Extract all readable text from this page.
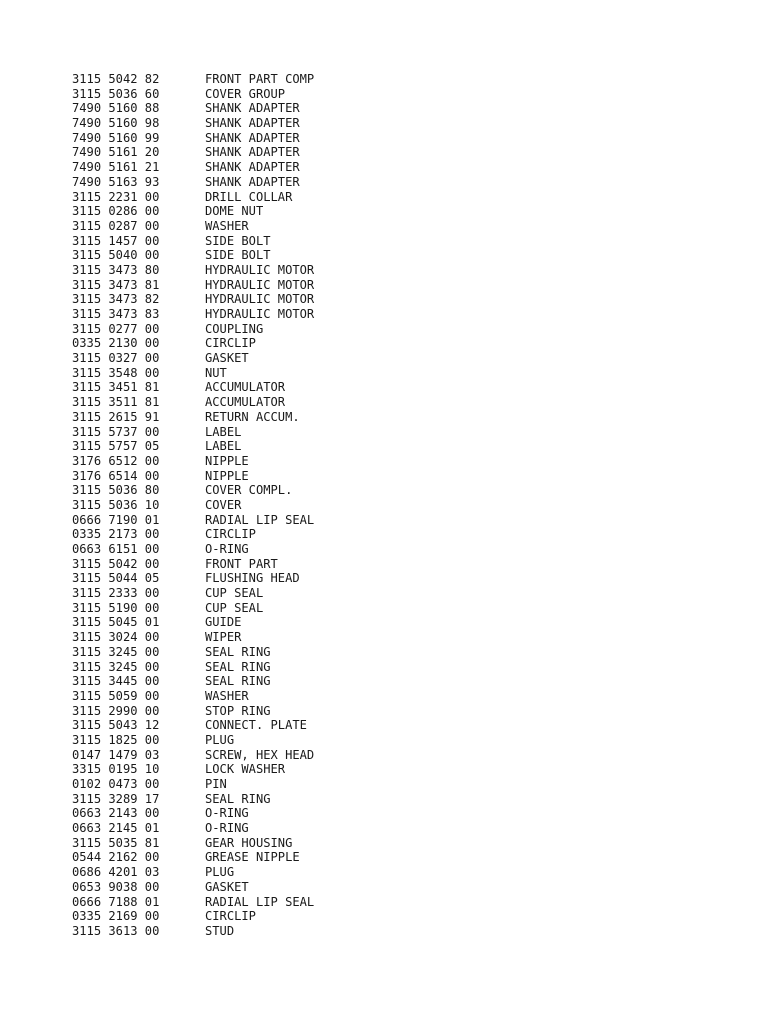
3115 5042 82	FRONT PART COMP
3115 5036 60	COVER GROUP
7490 5160 88	SHANK ADAPTER
7490 5160 98	SHANK ADAPTER
7490 5160 99	SHANK ADAPTER
7490 5161 20	SHANK ADAPTER
7490 5161 21	SHANK ADAPTER
7490 5163 93	SHANK ADAPTER
3115 2231 00	DRILL COLLAR
3115 0286 00	DOME NUT
3115 0287 00	WASHER
3115 1457 00	SIDE BOLT
3115 5040 00	SIDE BOLT
3115 3473 80	HYDRAULIC MOTOR
3115 3473 81	HYDRAULIC MOTOR
3115 3473 82	HYDRAULIC MOTOR
3115 3473 83	HYDRAULIC MOTOR
3115 0277 00	COUPLING
0335 2130 00	CIRCLIP
3115 0327 00	GASKET
3115 3548 00	NUT
3115 3451 81	ACCUMULATOR
3115 3511 81	ACCUMULATOR
3115 2615 91	RETURN ACCUM.
3115 5737 00	LABEL
3115 5757 05	LABEL
3176 6512 00	NIPPLE
3176 6514 00	NIPPLE
3115 5036 80	COVER COMPL.
3115 5036 10	COVER
0666 7190 01	RADIAL LIP SEAL
0335 2173 00	CIRCLIP
0663 6151 00	O-RING
3115 5042 00	FRONT PART
3115 5044 05	FLUSHING HEAD
3115 2333 00	CUP SEAL
3115 5190 00	CUP SEAL
3115 5045 01	GUIDE
3115 3024 00	WIPER
3115 3245 00	SEAL RING
3115 3245 00	SEAL RING
3115 3445 00	SEAL RING
3115 5059 00	WASHER
3115 2990 00	STOP RING
3115 5043 12	CONNECT. PLATE
3115 1825 00	PLUG
0147 1479 03	SCREW, HEX HEAD
3315 0195 10	LOCK WASHER
0102 0473 00	PIN
3115 3289 17	SEAL RING
0663 2143 00	O-RING
0663 2145 01	O-RING
3115 5035 81	GEAR HOUSING
0544 2162 00	GREASE NIPPLE
0686 4201 03	PLUG
0653 9038 00	GASKET
0666 7188 01	RADIAL LIP SEAL
0335 2169 00	CIRCLIP
3115 3613 00	STUD
